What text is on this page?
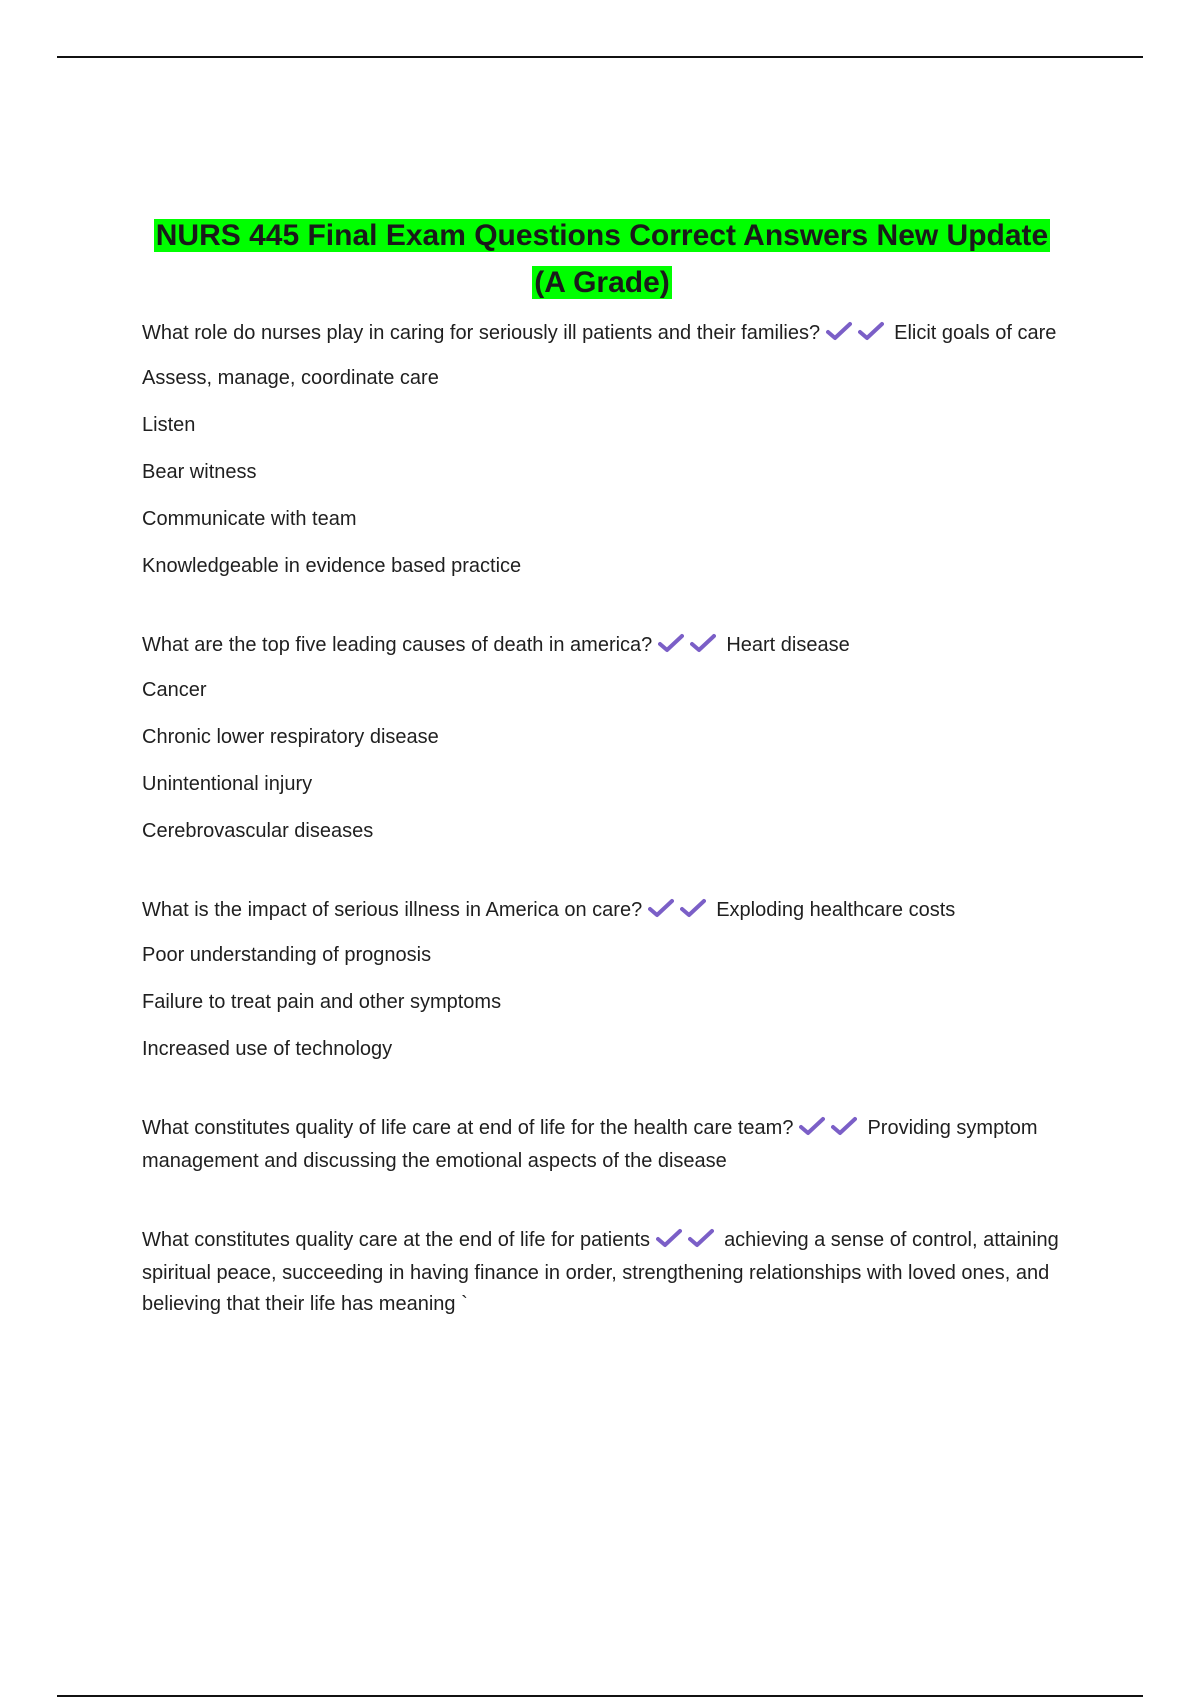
NURS 445 Final Exam Questions Correct Answers New Update
(A Grade)

What role do nurses play in caring for seriously ill patients and their families?	Elicit goals of care

Assess, manage, coordinate care

Listen

Bear witness

Communicate with team

Knowledgeable in evidence based practice

What are the top five leading causes of death in america?	Heart disease

Cancer

Chronic lower respiratory disease

Unintentional injury

Cerebrovascular diseases

What is the impact of serious illness in America on care?	Exploding healthcare costs

Poor understanding of prognosis

Failure to treat pain and other symptoms

Increased use of technology

What constitutes quality of life care at end of life for the health care team?	Providing symptom management and discussing the emotional aspects of the disease

What constitutes quality care at the end of life for patients	achieving a sense of control, attaining spiritual peace, succeeding in having finance in order, strengthening relationships with loved ones, and believing that their life has meaning `
